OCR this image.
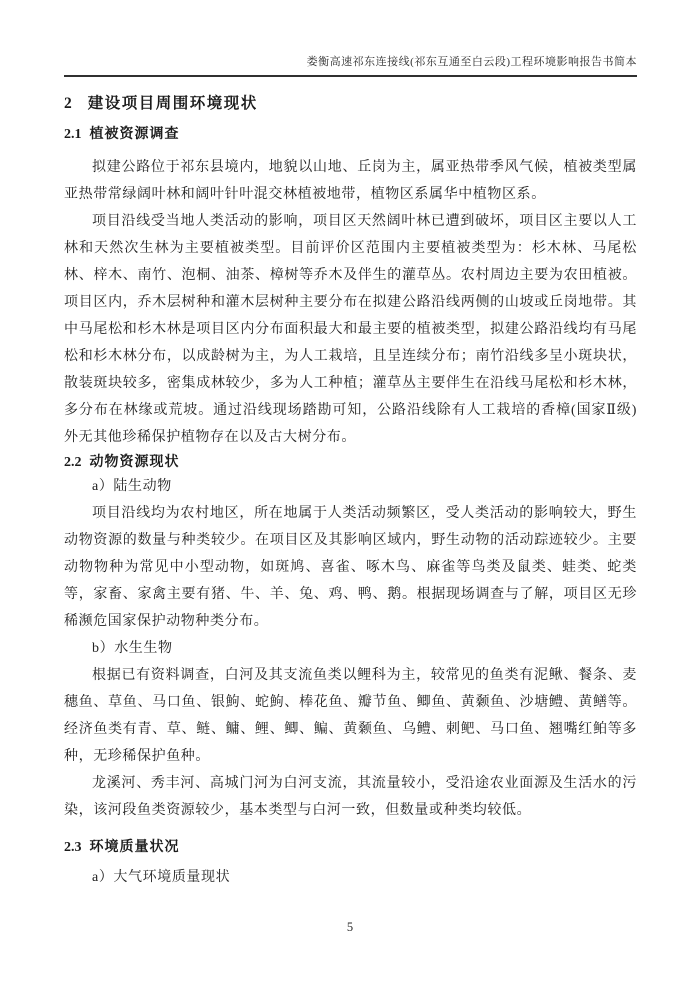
娄衡高速祁东连接线(祁东互通至白云段)工程环境影响报告书简本
2 建设项目周围环境现状
2.1 植被资源调查

拟建公路位于祁东县境内，地貌以山地、丘岗为主，属亚热带季风气候，植被类型属亚热带常绿阔叶林和阔叶针叶混交林植被地带，植物区系属华中植物区系。

项目沿线受当地人类活动的影响，项目区天然阔叶林已遭到破坏，项目区主要以人工林和天然次生林为主要植被类型。目前评价区范围内主要植被类型为：杉木林、马尾松林、梓木、南竹、泡桐、油茶、樟树等乔木及伴生的灌草丛。农村周边主要为农田植被。项目区内，乔木层树种和灌木层树种主要分布在拟建公路沿线两侧的山坡或丘岗地带。其中马尾松和杉木林是项目区内分布面积最大和最主要的植被类型，拟建公路沿线均有马尾松和杉木林分布，以成龄树为主，为人工栽培，且呈连续分布；南竹沿线多呈小斑块状，散装斑块较多，密集成林较少，多为人工种植；灌草丛主要伴生在沿线马尾松和杉木林，多分布在林缘或荒坡。通过沿线现场踏勘可知，公路沿线除有人工栽培的香樟(国家Ⅱ级)外无其他珍稀保护植物存在以及古大树分布。

2.2 动物资源现状

a）陆生动物

项目沿线均为农村地区，所在地属于人类活动频繁区，受人类活动的影响较大，野生动物资源的数量与种类较少。在项目区及其影响区域内，野生动物的活动踪迹较少。主要动物物种为常见中小型动物，如斑鸠、喜雀、啄木鸟、麻雀等鸟类及鼠类、蛙类、蛇类等，家畜、家禽主要有猪、牛、羊、兔、鸡、鸭、鹅。根据现场调查与了解，项目区无珍稀濒危国家保护动物种类分布。

b）水生生物

根据已有资料调查，白河及其支流鱼类以鲤科为主，较常见的鱼类有泥鳅、餐条、麦穗鱼、草鱼、马口鱼、银鮈、蛇鮈、棒花鱼、瓣节鱼、鲫鱼、黄颡鱼、沙塘鳢、黄鳝等。经济鱼类有青、草、鲢、鳙、鲤、鲫、鳊、黄颡鱼、乌鳢、刺鲃、马口鱼、翘嘴红鲌等多种，无珍稀保护鱼种。

龙溪河、秀丰河、高城门河为白河支流，其流量较小，受沿途农业面源及生活水的污染，该河段鱼类资源较少，基本类型与白河一致，但数量或种类均较低。

2.3 环境质量状况

a）大气环境质量现状

5
